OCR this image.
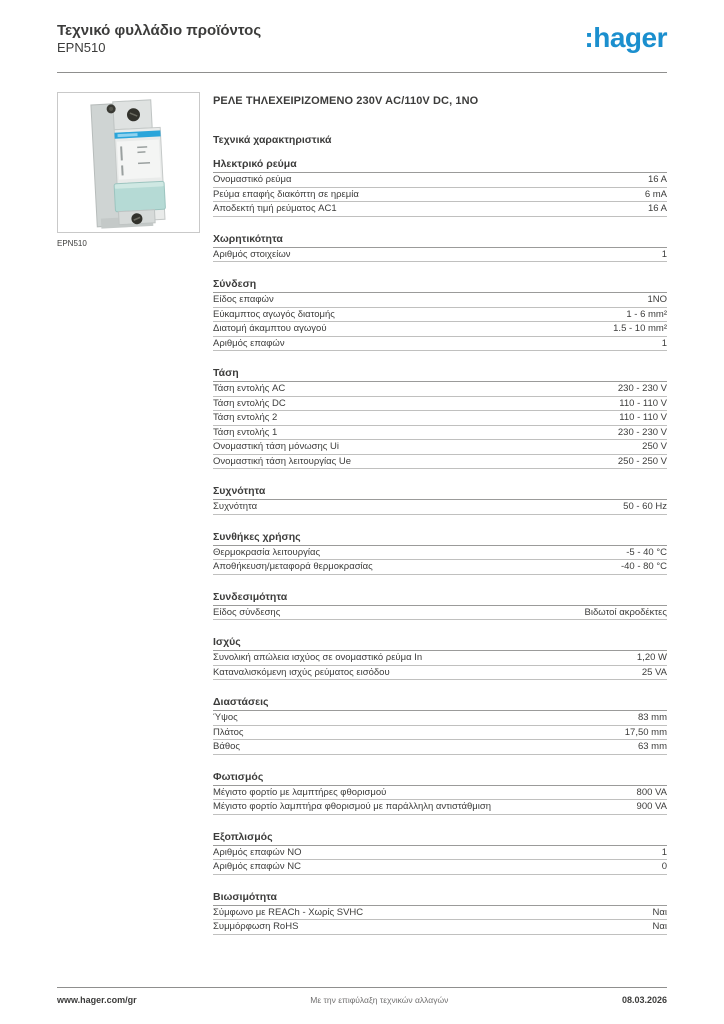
Τεχνικό φυλλάδιο προϊόντος
EPN510	:hager
EPN510
ΡΕΛΕ ΤΗΛΕΧΕΙΡΙΖΟΜΕΝΟ 230V AC/110V DC, 1NO
Τεχνικά χαρακτηριστικά
Ηλεκτρικό ρεύμα
Ονομαστικό ρεύμα	16 A
Ρεύμα επαφής διακόπτη σε ηρεμία	6 mA
Αποδεκτή τιμή ρεύματος AC1	16 A
Χωρητικότητα
Αριθμός στοιχείων	1
Σύνδεση
Είδος επαφών	1NO
Εύκαμπτος αγωγός διατομής	1 - 6 mm²
Διατομή άκαμπτου αγωγού	1.5 - 10 mm²
Αριθμός επαφών	1
Τάση
Τάση εντολής AC	230 - 230 V
Τάση εντολής DC	110 - 110 V
Τάση εντολής 2	110 - 110 V
Τάση εντολής 1	230 - 230 V
Ονομαστική τάση μόνωσης Ui	250 V
Ονομαστική τάση λειτουργίας Ue	250 - 250 V
Συχνότητα
Συχνότητα	50 - 60 Hz
Συνθήκες χρήσης
Θερμοκρασία λειτουργίας	-5 - 40 °C
Αποθήκευση/μεταφορά θερμοκρασίας	-40 - 80 °C
Συνδεσιμότητα
Είδος σύνδεσης	Βιδωτοί ακροδέκτες
Ισχύς
Συνολική απώλεια ισχύος σε ονομαστικό ρεύμα In	1,20 W
Καταναλισκόμενη ισχύς ρεύματος εισόδου	25 VA
Διαστάσεις
Ύψος	83 mm
Πλάτος	17,50 mm
Βάθος	63 mm
Φωτισμός
Μέγιστο φορτίο με λαμπτήρες φθορισμού	800 VA
Μέγιστο φορτίο λαμπτήρα φθορισμού με παράλληλη αντιστάθμιση	900 VA
Εξοπλισμός
Αριθμός επαφών NO	1
Αριθμός επαφών NC	0
Βιωσιμότητα
Σύμφωνο με REACh - Χωρίς SVHC	Ναι
Συμμόρφωση RoHS	Ναι
www.hager.com/gr	Με την επιφύλαξη τεχνικών αλλαγών	08.03.2026
